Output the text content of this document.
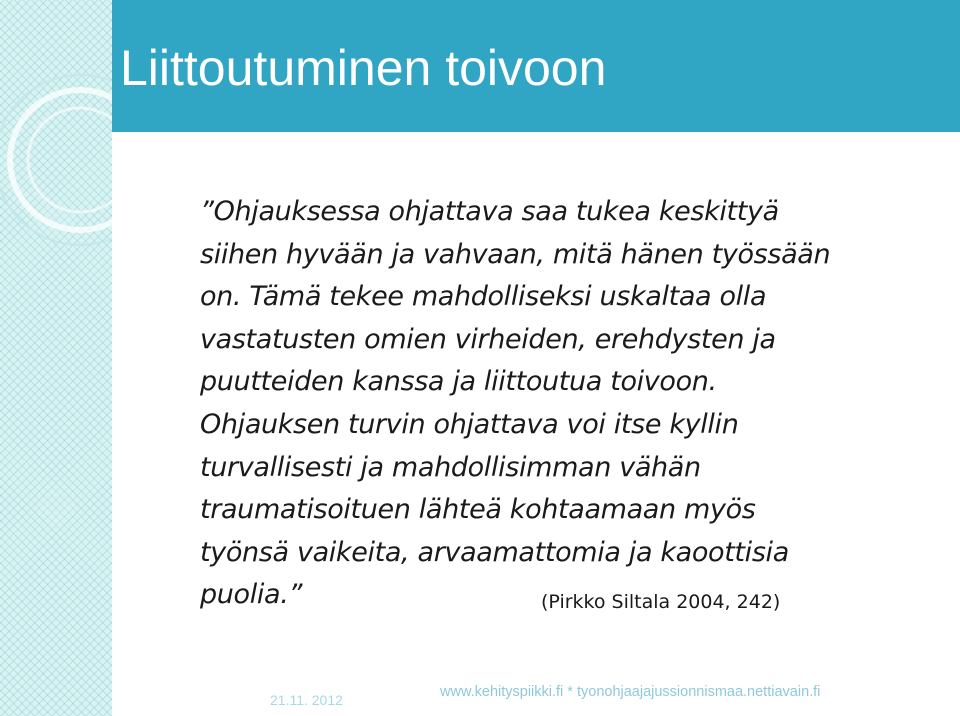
Liittoutuminen toivoon

”Ohjauksessa ohjattava saa tukea keskittyä
siihen hyvään ja vahvaan, mitä hänen työssään
on. Tämä tekee mahdolliseksi uskaltaa olla
vastatusten omien virheiden, erehdysten ja
puutteiden kanssa ja liittoutua toivoon.
Ohjauksen turvin ohjattava voi itse kyllin
turvallisesti ja mahdollisimman vähän
traumatisoituen lähteä kohtaamaan myös
työnsä vaikeita, arvaamattomia ja kaoottisia
puolia.”	(Pirkko Siltala 2004, 242)

21.11. 2012	www.kehityspiikki.fi * tyonohjaajajussionnismaa.nettiavain.fi
